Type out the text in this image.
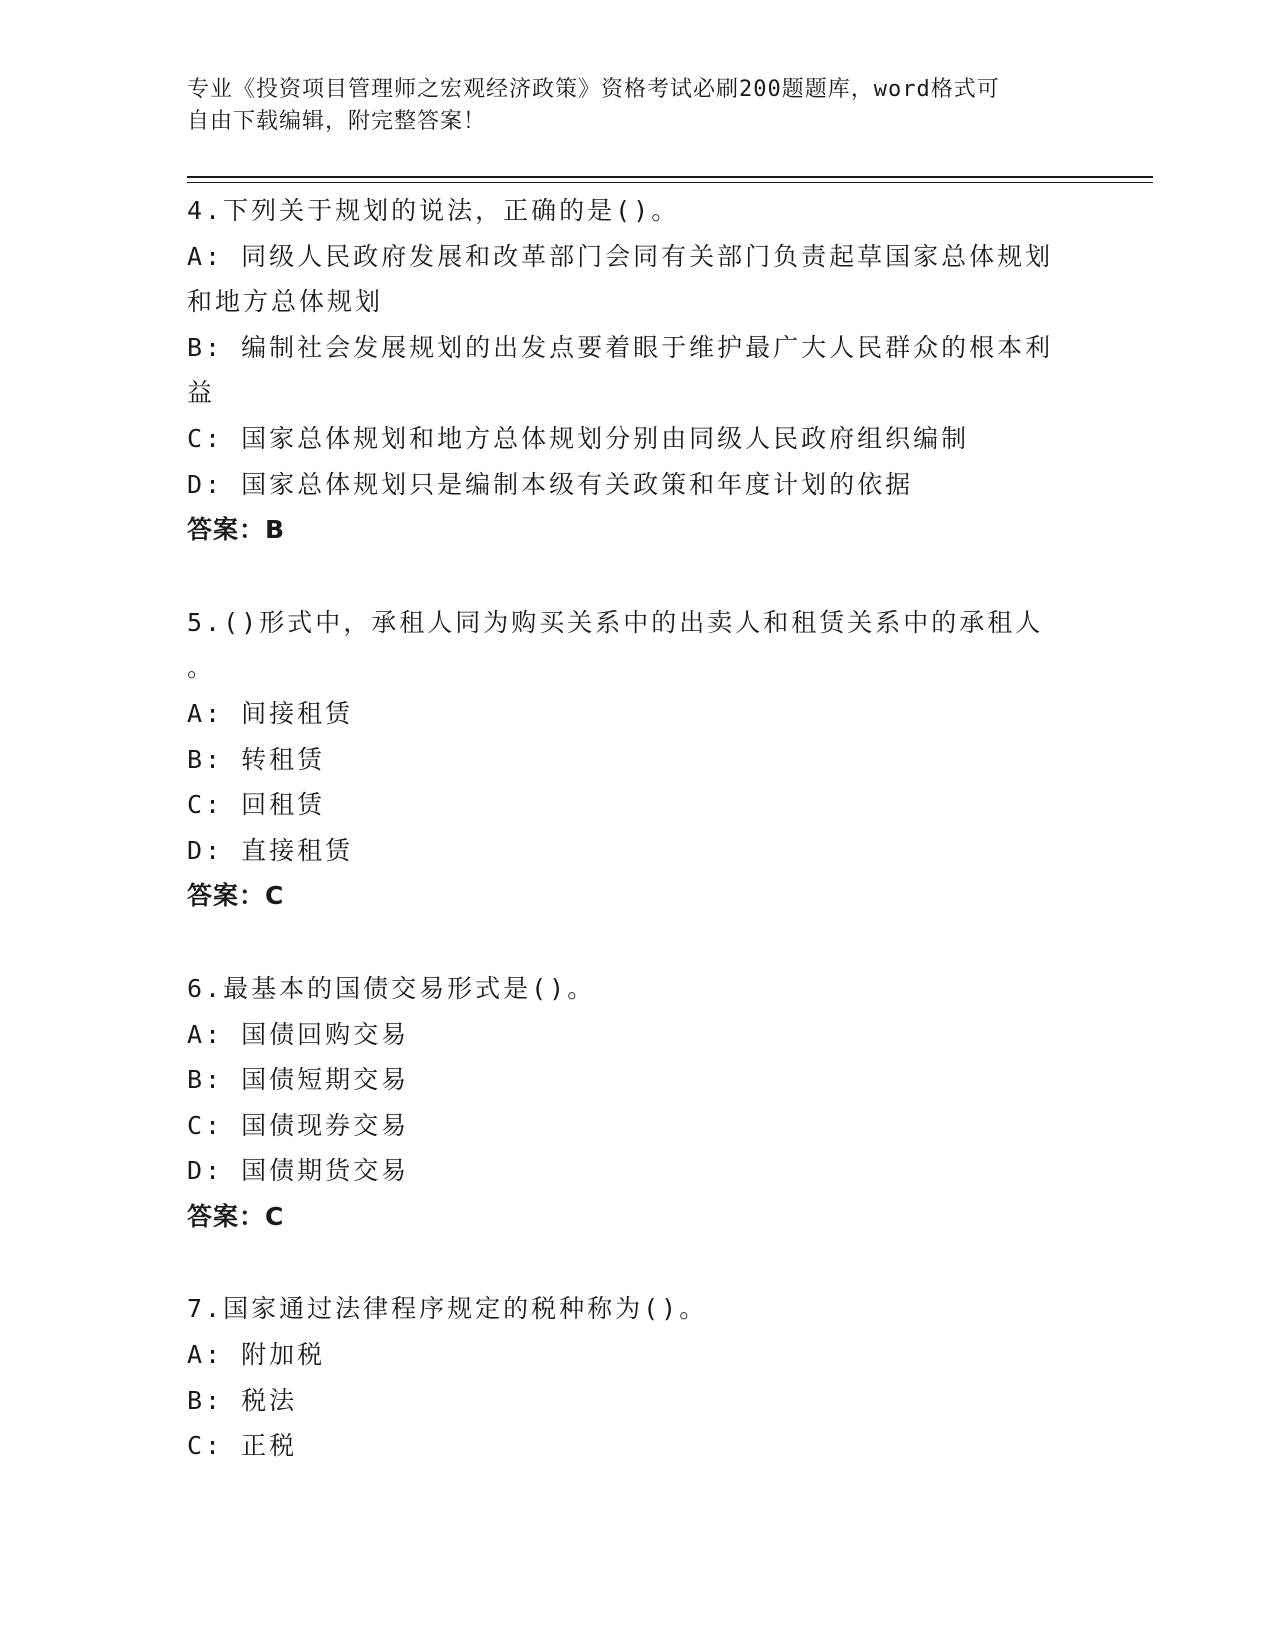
专业《投资项目管理师之宏观经济政策》资格考试必刷200题题库，word格式可
自由下载编辑，附完整答案！
4.下列关于规划的说法，正确的是()。
A: 同级人民政府发展和改革部门会同有关部门负责起草国家总体规划
和地方总体规划
B: 编制社会发展规划的出发点要着眼于维护最广大人民群众的根本利
益
C: 国家总体规划和地方总体规划分别由同级人民政府组织编制
D: 国家总体规划只是编制本级有关政策和年度计划的依据
答案：B
5.()形式中，承租人同为购买关系中的出卖人和租赁关系中的承租人
。
A: 间接租赁
B: 转租赁
C: 回租赁
D: 直接租赁
答案：C
6.最基本的国债交易形式是()。
A: 国债回购交易
B: 国债短期交易
C: 国债现券交易
D: 国债期货交易
答案：C
7.国家通过法律程序规定的税种称为()。
A: 附加税
B: 税法
C: 正税
